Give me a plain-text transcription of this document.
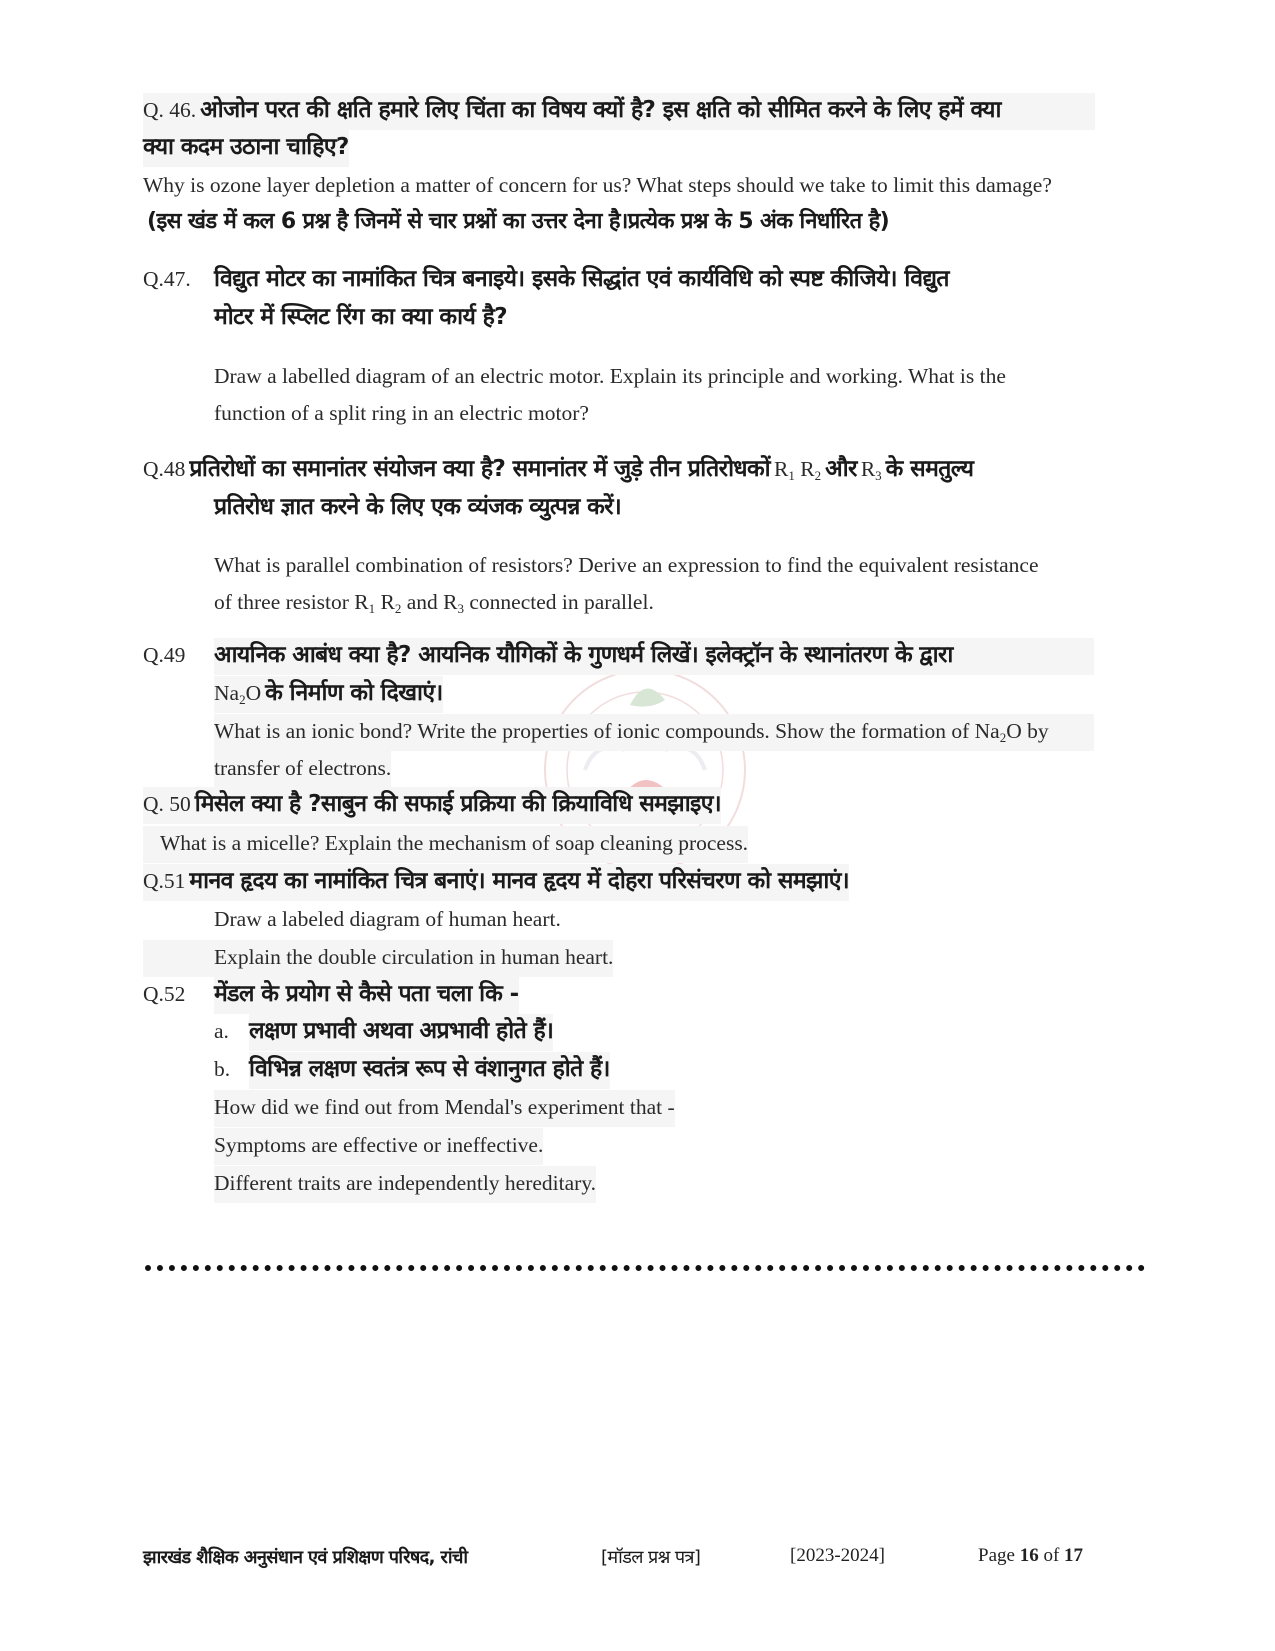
Q. 46. ओजोन परत की क्षति हमारे लिए चिंता का विषय क्यों है? इस क्षति को सीमित करने के लिए हमें क्या
क्या कदम उठाना चाहिए?
Why is ozone layer depletion a matter of concern for us? What steps should we take to limit this damage?
(इस खंड में कल 6 प्रश्न है जिनमें से चार प्रश्नों का उत्तर देना है।प्रत्येक प्रश्न के 5 अंक निर्धारित है)
Q.47. विद्युत मोटर का नामांकित चित्र बनाइये। इसके सिद्धांत एवं कार्यविधि को स्पष्ट कीजिये। विद्युत
मोटर में स्प्लिट रिंग का क्या कार्य है?
Draw a labelled diagram of an electric motor. Explain its principle and working. What is the
function of a split ring in an electric motor?
Q.48 प्रतिरोधों का समानांतर संयोजन क्या है? समानांतर में जुड़े तीन प्रतिरोधकों $R_1$ $R_2$ और $R_3$ के समतुल्य
प्रतिरोध ज्ञात करने के लिए एक व्यंजक व्युत्पन्न करें।
What is parallel combination of resistors? Derive an expression to find the equivalent resistance
of three resistor $R_1$ $R_2$ and $R_3$ connected in parallel.
Q.49 आयनिक आबंध क्या है? आयनिक यौगिकों के गुणधर्म लिखें। इलेक्ट्रॉन के स्थानांतरण के द्वारा
$Na_2O$ के निर्माण को दिखाएं।
What is an ionic bond? Write the properties of ionic compounds. Show the formation of $Na_2O$ by
transfer of electrons.
Q. 50 मिसेल क्या है ?साबुन की सफाई प्रक्रिया की क्रियाविधि समझाइए।
What is a micelle? Explain the mechanism of soap cleaning process.
Q.51 मानव हृदय का नामांकित चित्र बनाएं। मानव हृदय में दोहरा परिसंचरण को समझाएं।
Draw a labeled diagram of human heart.
Explain the double circulation in human heart.
Q.52 मेंडल के प्रयोग से कैसे पता चला कि -
a. लक्षण प्रभावी अथवा अप्रभावी होते हैं।
b. विभिन्न लक्षण स्वतंत्र रूप से वंशानुगत होते हैं।
How did we find out from Mendal's experiment that -
Symptoms are effective or ineffective.
Different traits are independently hereditary.
झारखंड शैक्षिक अनुसंधान एवं प्रशिक्षण परिषद, रांची	[मॉडल प्रश्न पत्र]	[2023-2024]	Page 16 of 17
